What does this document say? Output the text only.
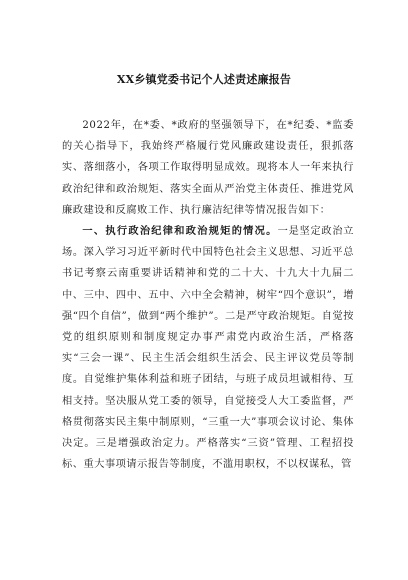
XX乡镇党委书记个人述责述廉报告

2022年，在*委、*政府的坚强领导下，在*纪委、*监委的关心指导下，我始终严格履行党风廉政建设责任，狠抓落实、落细落小，各项工作取得明显成效。现将本人一年来执行政治纪律和政治规矩、落实全面从严治党主体责任、推进党风廉政建设和反腐败工作、执行廉洁纪律等情况报告如下：

一、执行政治纪律和政治规矩的情况。一是坚定政治立场。深入学习习近平新时代中国特色社会主义思想、习近平总书记考察云南重要讲话精神和党的二十大、十九大十九届二中、三中、四中、五中、六中全会精神，树牢“四个意识”，增强“四个自信”，做到“两个维护”。二是严守政治规矩。自觉按党的组织原则和制度规定办事严肃党内政治生活，严格落实“三会一课”、民主生活会组织生活会、民主评议党员等制度。自觉维护集体利益和班子团结，与班子成员坦诚相待、互相支持。坚决服从党工委的领导，自觉接受人大工委监督，严格贯彻落实民主集中制原则，“三重一大”事项会议讨论、集体决定。三是增强政治定力。严格落实“三资”管理、工程招投标、重大事项请示报告等制度，不滥用职权，不以权谋私，管
